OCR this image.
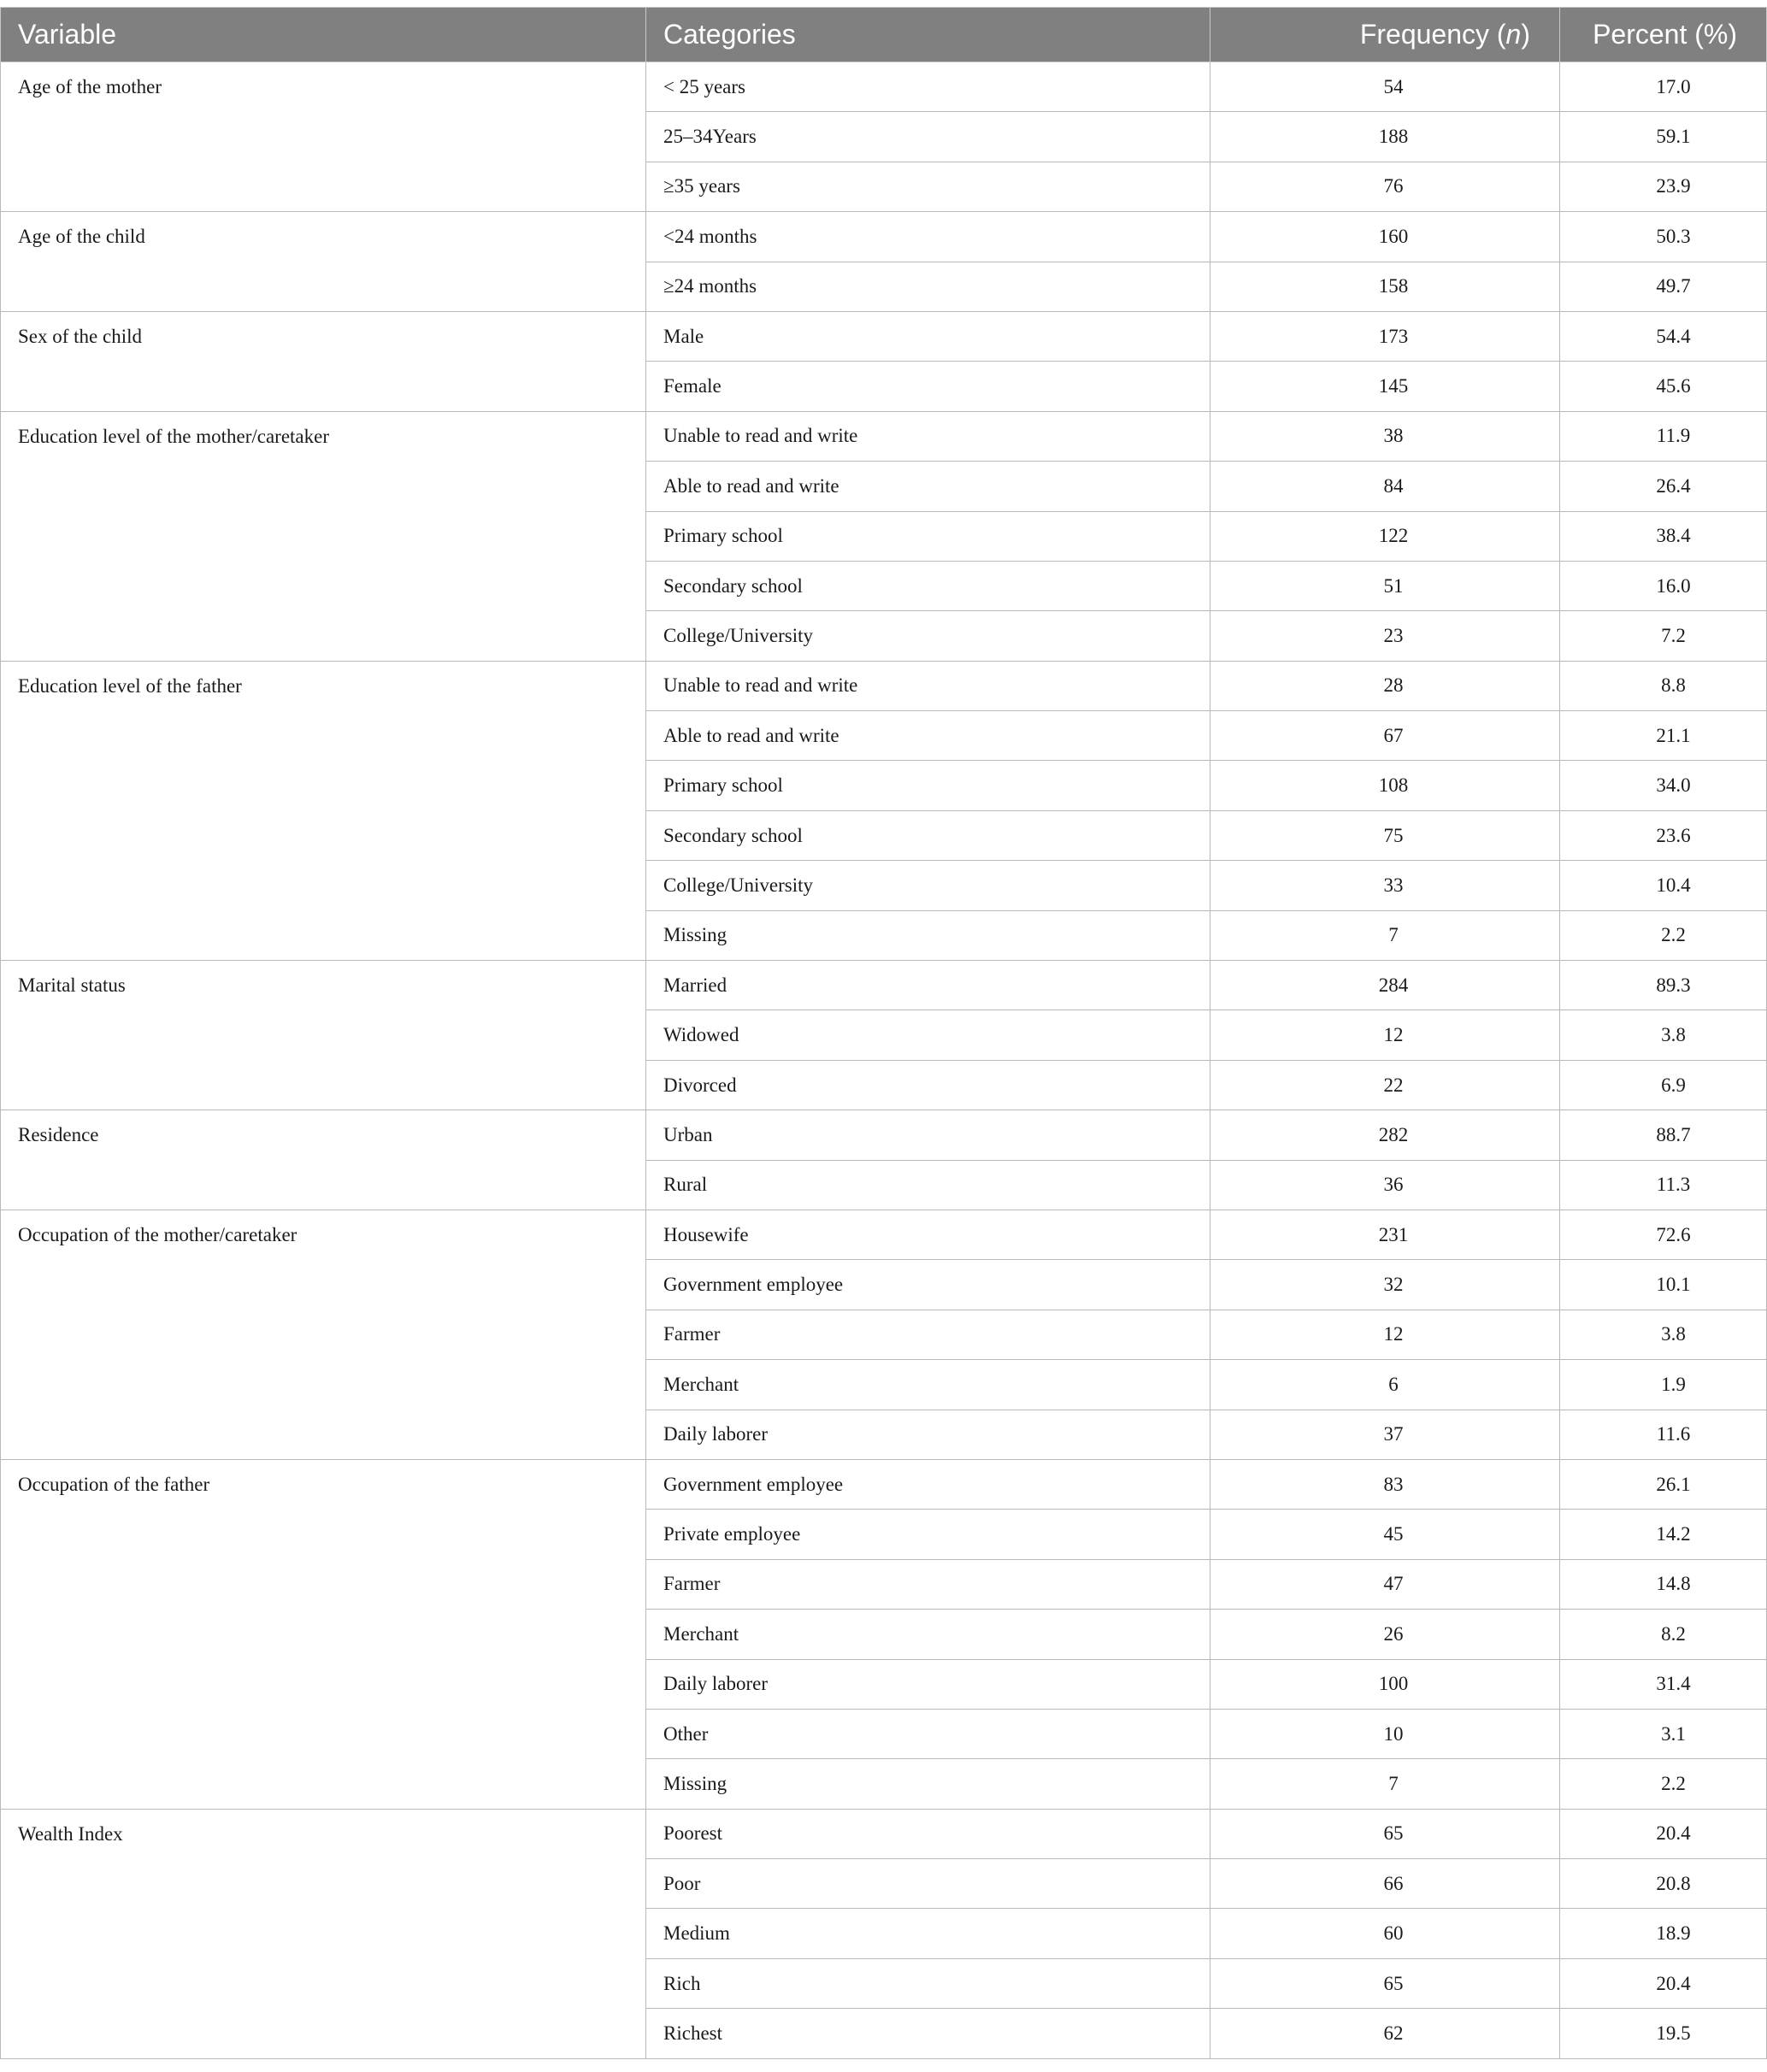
Variable	Categories	Frequency (n)	Percent (%)
Age of the mother	< 25 years	54	17.0
	25–34Years	188	59.1
	≥35 years	76	23.9
Age of the child	<24 months	160	50.3
	≥24 months	158	49.7
Sex of the child	Male	173	54.4
	Female	145	45.6
Education level of the mother/caretaker	Unable to read and write	38	11.9
	Able to read and write	84	26.4
	Primary school	122	38.4
	Secondary school	51	16.0
	College/University	23	7.2
Education level of the father	Unable to read and write	28	8.8
	Able to read and write	67	21.1
	Primary school	108	34.0
	Secondary school	75	23.6
	College/University	33	10.4
	Missing	7	2.2
Marital status	Married	284	89.3
	Widowed	12	3.8
	Divorced	22	6.9
Residence	Urban	282	88.7
	Rural	36	11.3
Occupation of the mother/caretaker	Housewife	231	72.6
	Government employee	32	10.1
	Farmer	12	3.8
	Merchant	6	1.9
	Daily laborer	37	11.6
Occupation of the father	Government employee	83	26.1
	Private employee	45	14.2
	Farmer	47	14.8
	Merchant	26	8.2
	Daily laborer	100	31.4
	Other	10	3.1
	Missing	7	2.2
Wealth Index	Poorest	65	20.4
	Poor	66	20.8
	Medium	60	18.9
	Rich	65	20.4
	Richest	62	19.5
